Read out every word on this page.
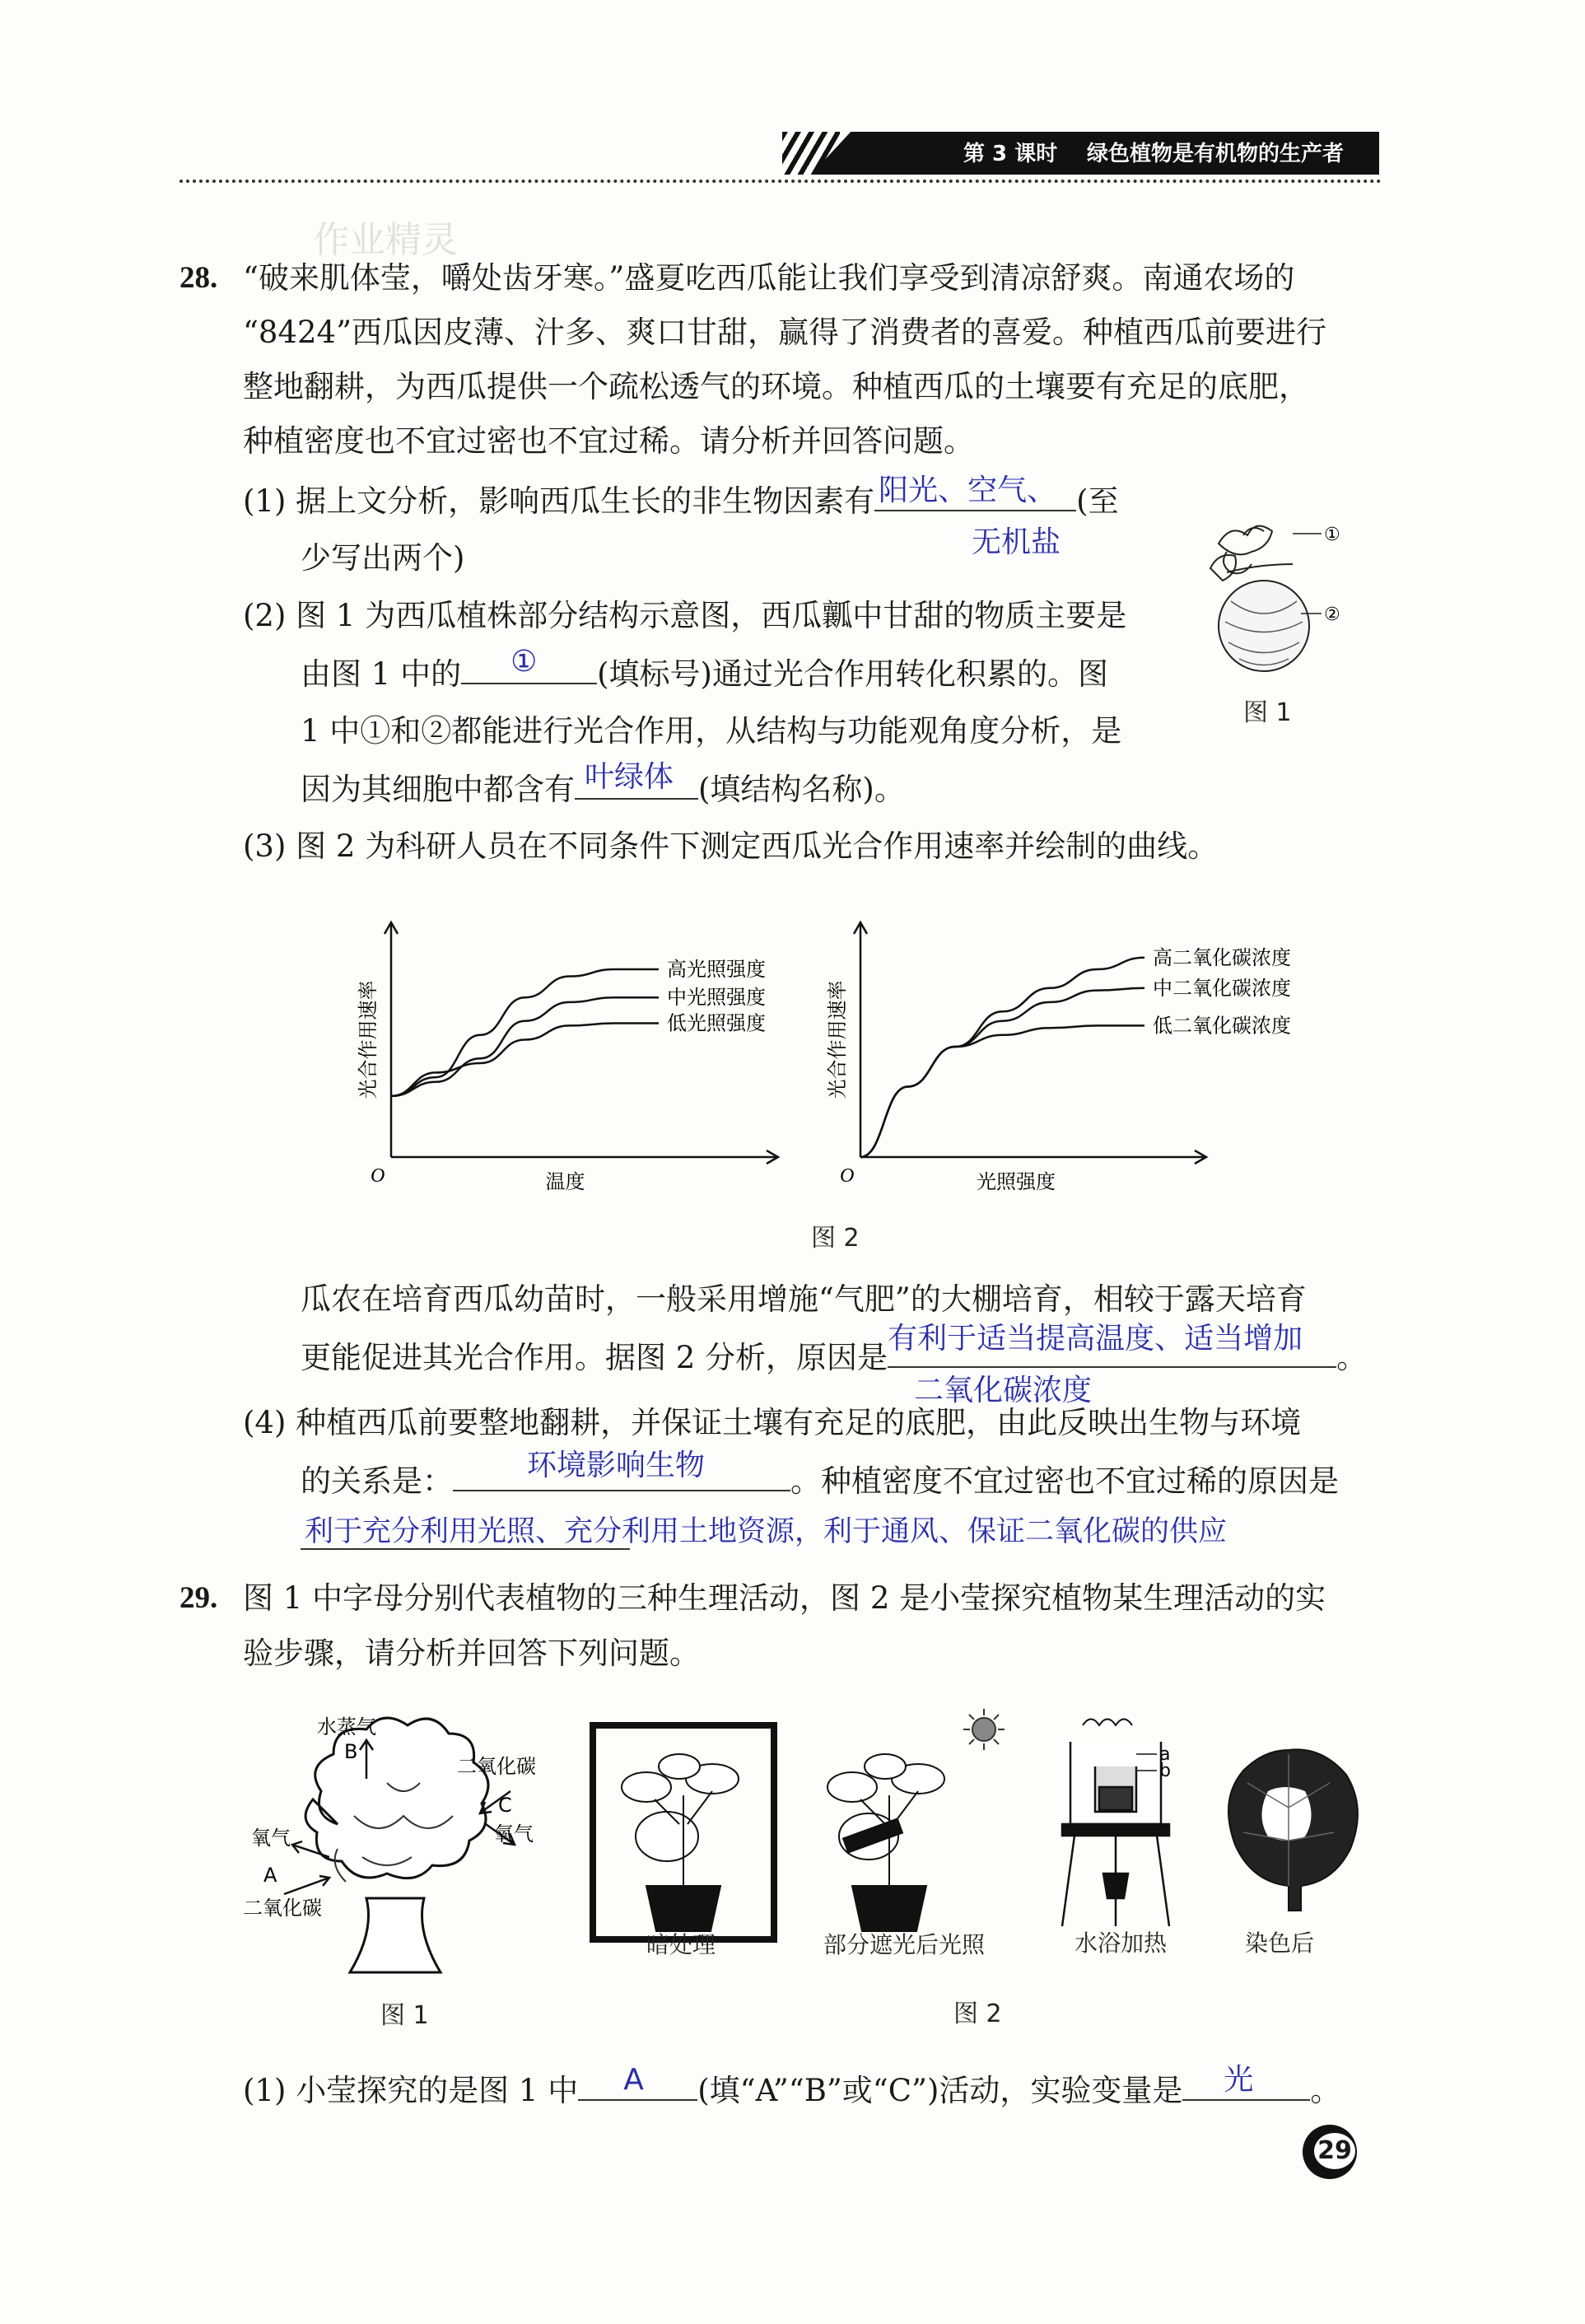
第 3 课时 绿色植物是有机物的生产者
作业精灵
28. “破来肌体莹，嚼处齿牙寒。”盛夏吃西瓜能让我们享受到清凉舒爽。南通农场的
“8424”西瓜因皮薄、汁多、爽口甘甜，赢得了消费者的喜爱。种植西瓜前要进行
整地翻耕，为西瓜提供一个疏松透气的环境。种植西瓜的土壤要有充足的底肥，
种植密度也不宜过密也不宜过稀。请分析并回答问题。
(1) 据上文分析，影响西瓜生长的非生物因素有 阳光、空气、 (至
无机盐
少写出两个)
(2) 图 1 为西瓜植株部分结构示意图，西瓜瓤中甘甜的物质主要是
由图 1 中的 ① (填标号)通过光合作用转化积累的。图
1 中①和②都能进行光合作用，从结构与功能观角度分析，是
因为其细胞中都含有 叶绿体 (填结构名称)。
①
②
图 1
(3) 图 2 为科研人员在不同条件下测定西瓜光合作用速率并绘制的曲线。
O	温度
光合作用速率
高光照强度
中光照强度
低光照强度
O	光照强度
光合作用速率
高二氧化碳浓度
中二氧化碳浓度
低二氧化碳浓度
图 2
瓜农在培育西瓜幼苗时，一般采用增施“气肥”的大棚培育，相较于露天培育
更能促进其光合作用。据图 2 分析，原因是
有利于适当提高温度、适当增加
。
二氧化碳浓度
(4) 种植西瓜前要整地翻耕，并保证土壤有充足的底肥，由此反映出生物与环境
的关系是：	环境影响生物	。种植密度不宜过密也不宜过稀的原因是
利于充分利用光照、充分利用土地资源，利于通风、保证二氧化碳的供应
29. 图 1 中字母分别代表植物的三种生理活动，图 2 是小莹探究植物某生理活动的实
验步骤，请分析并回答下列问题。
水蒸气
B
二氧化碳
C
氧气	氧气
A
二氧化碳
图 1
暗处理	部分遮光后光照
a
b
水浴加热	染色后
图 2
(1) 小莹探究的是图 1 中 A (填“A”“B”或“C”)活动，实验变量是 光 。
29
